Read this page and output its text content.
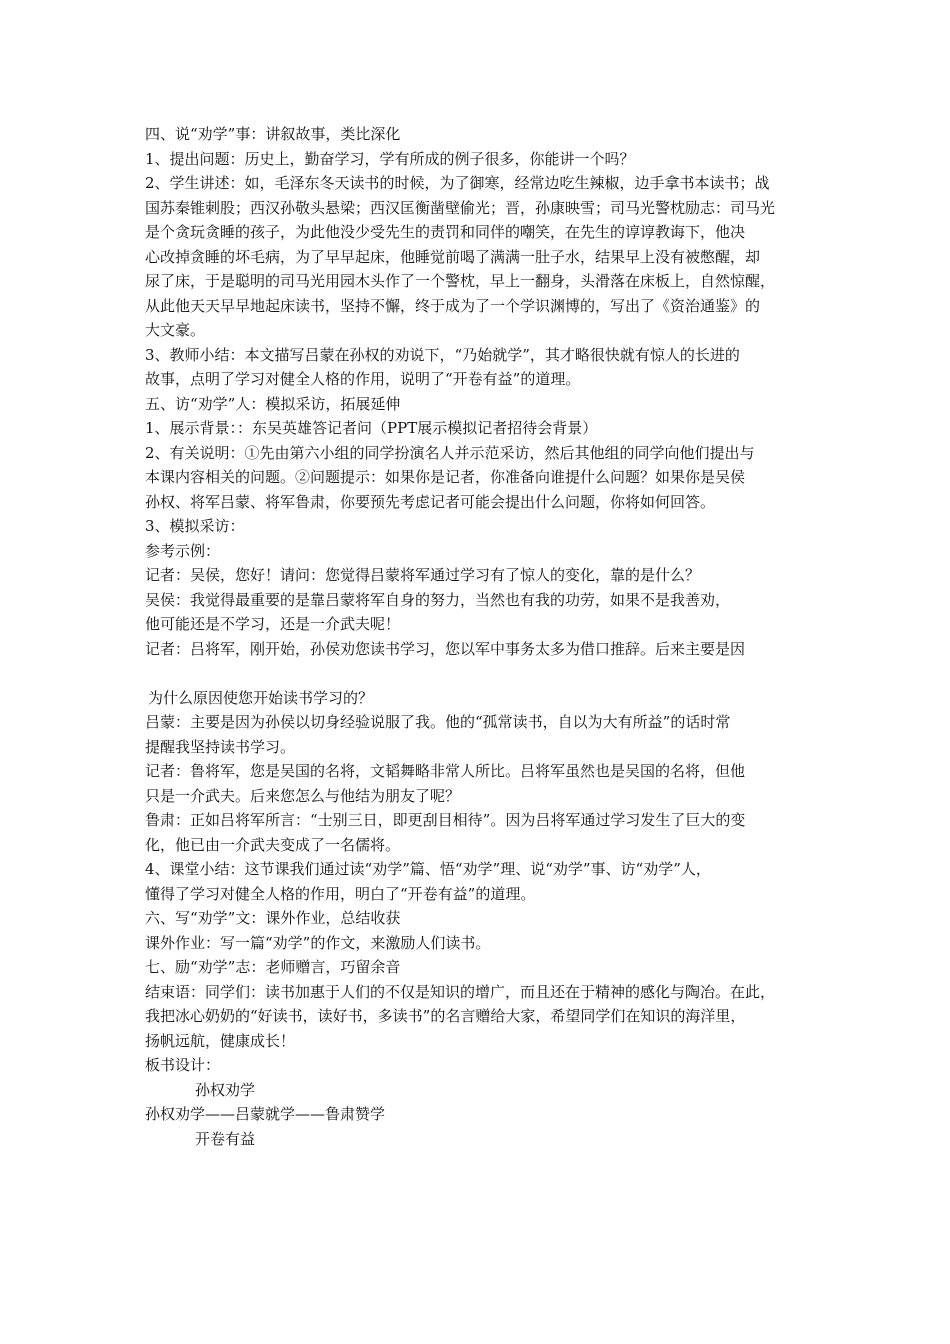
四、说“劝学”事：讲叙故事，类比深化
1、提出问题：历史上，勤奋学习，学有所成的例子很多，你能讲一个吗？
2、学生讲述：如，毛泽东冬天读书的时候，为了御寒，经常边吃生辣椒，边手拿书本读书；战
国苏秦锥刺股；西汉孙敬头悬梁；西汉匡衡凿壁偷光；晋，孙康映雪；司马光警枕励志：司马光
是个贪玩贪睡的孩子，为此他没少受先生的责罚和同伴的嘲笑，在先生的谆谆教诲下，他决
心改掉贪睡的坏毛病，为了早早起床，他睡觉前喝了满满一肚子水，结果早上没有被憋醒，却
尿了床，于是聪明的司马光用园木头作了一个警枕，早上一翻身，头滑落在床板上，自然惊醒，
从此他天天早早地起床读书，坚持不懈，终于成为了一个学识渊博的，写出了《资治通鉴》的
大文豪。
3、教师小结：本文描写吕蒙在孙权的劝说下，“乃始就学”，其才略很快就有惊人的长进的
故事，点明了学习对健全人格的作用，说明了“开卷有益”的道理。
五、访“劝学”人：模拟采访，拓展延伸
1、展示背景：：东吴英雄答记者问（PPT展示模拟记者招待会背景）
2、有关说明：①先由第六小组的同学扮演名人并示范采访，然后其他组的同学向他们提出与
本课内容相关的问题。②问题提示：如果你是记者，你准备向谁提什么问题？如果你是吴侯
孙权、将军吕蒙、将军鲁肃，你要预先考虑记者可能会提出什么问题，你将如何回答。
3、模拟采访：
参考示例：
记者：吴侯，您好！请问：您觉得吕蒙将军通过学习有了惊人的变化，靠的是什么？
吴侯：我觉得最重要的是靠吕蒙将军自身的努力，当然也有我的功劳，如果不是我善劝，
他可能还是不学习，还是一介武夫呢！
记者：吕将军，刚开始，孙侯劝您读书学习，您以军中事务太多为借口推辞。后来主要是因
为什么原因使您开始读书学习的？
吕蒙：主要是因为孙侯以切身经验说服了我。他的“孤常读书，自以为大有所益”的话时常
提醒我坚持读书学习。
记者：鲁将军，您是吴国的名将，文韬舞略非常人所比。吕将军虽然也是吴国的名将，但他
只是一介武夫。后来您怎么与他结为朋友了呢？
鲁肃：正如吕将军所言：“士别三日，即更刮目相待”。因为吕将军通过学习发生了巨大的变
化，他已由一介武夫变成了一名儒将。
4、课堂小结：这节课我们通过读“劝学”篇、悟“劝学”理、说“劝学”事、访“劝学”人，
懂得了学习对健全人格的作用，明白了“开卷有益”的道理。
六、写“劝学”文：课外作业，总结收获
课外作业：写一篇“劝学”的作文，来激励人们读书。
七、励“劝学”志：老师赠言，巧留余音
结束语：同学们：读书加惠于人们的不仅是知识的增广，而且还在于精神的感化与陶冶。在此，
我把冰心奶奶的“好读书，读好书，多读书”的名言赠给大家，希望同学们在知识的海洋里，
扬帆远航，健康成长！
板书设计：
孙权劝学
孙权劝学——吕蒙就学——鲁肃赞学
开卷有益
